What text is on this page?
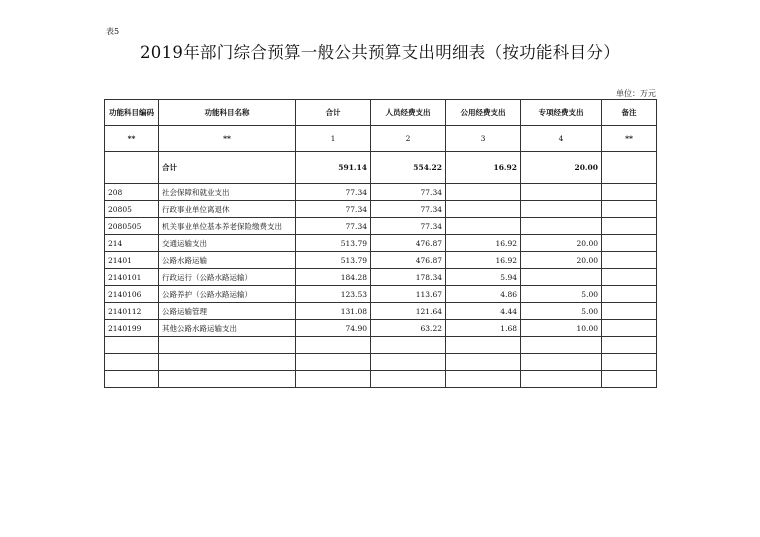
表5
2019年部门综合预算一般公共预算支出明细表（按功能科目分）
单位：万元
功能科目编码	功能科目名称	合计	人员经费支出	公用经费支出	专项经费支出	备注
**	**	1	2	3	4	**
	合计	591.14	554.22	16.92	20.00	
208	社会保障和就业支出	77.34	77.34			
20805	行政事业单位离退休	77.34	77.34			
2080505	机关事业单位基本养老保险缴费支出	77.34	77.34			
214	交通运输支出	513.79	476.87	16.92	20.00	
21401	公路水路运输	513.79	476.87	16.92	20.00	
2140101	行政运行（公路水路运输）	184.28	178.34	5.94		
2140106	公路养护（公路水路运输）	123.53	113.67	4.86	5.00	
2140112	公路运输管理	131.08	121.64	4.44	5.00	
2140199	其他公路水路运输支出	74.90	63.22	1.68	10.00	
